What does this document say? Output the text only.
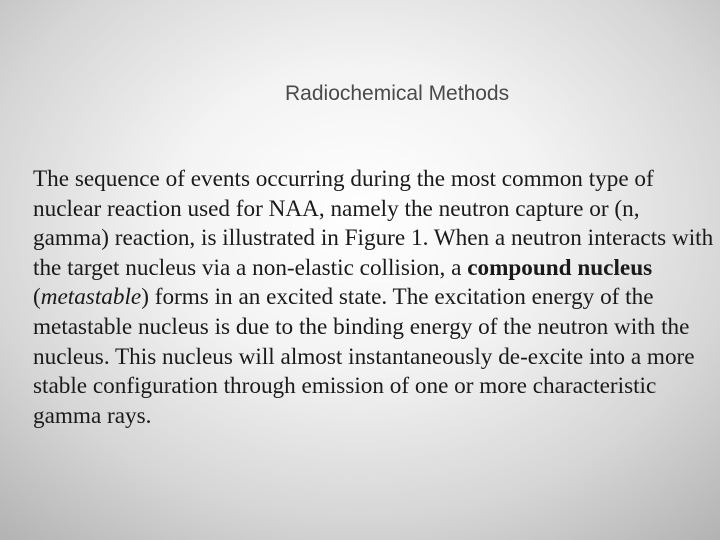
Radiochemical Methods

The sequence of events occurring during the most common type of nuclear reaction used for NAA, namely the neutron capture or (n, gamma) reaction, is illustrated in Figure 1. When a neutron interacts with the target nucleus via a non-elastic collision, a compound nucleus (metastable) forms in an excited state. The excitation energy of the metastable nucleus is due to the binding energy of the neutron with the nucleus. This nucleus will almost instantaneously de-excite into a more stable configuration through emission of one or more characteristic gamma rays.
